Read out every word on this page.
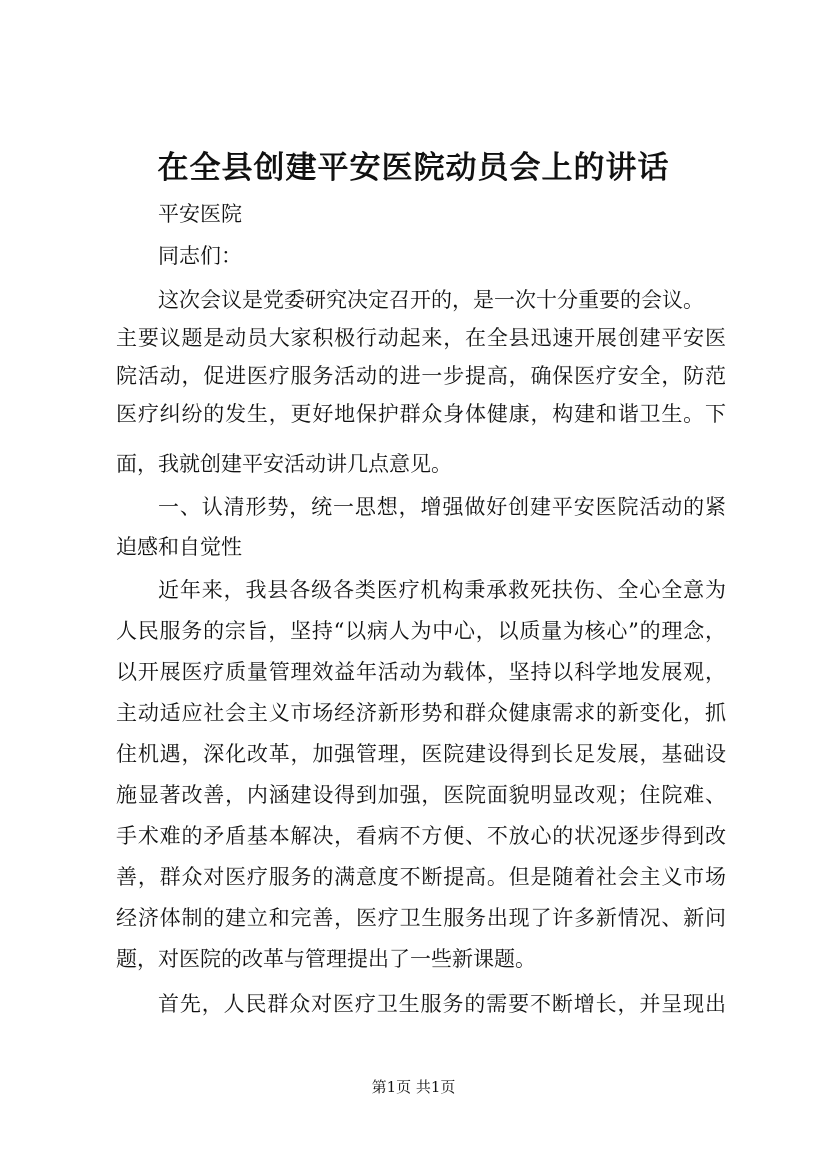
在全县创建平安医院动员会上的讲话
平安医院
同志们：
这次会议是党委研究决定召开的，是一次十分重要的会议。
主要议题是动员大家积极行动起来，在全县迅速开展创建平安医
院活动，促进医疗服务活动的进一步提高，确保医疗安全，防范
医疗纠纷的发生，更好地保护群众身体健康，构建和谐卫生。下
面，我就创建平安活动讲几点意见。
一、认清形势，统一思想，增强做好创建平安医院活动的紧
迫感和自觉性
近年来，我县各级各类医疗机构秉承救死扶伤、全心全意为
人民服务的宗旨，坚持“以病人为中心，以质量为核心”的理念，
以开展医疗质量管理效益年活动为载体，坚持以科学地发展观，
主动适应社会主义市场经济新形势和群众健康需求的新变化，抓
住机遇，深化改革，加强管理，医院建设得到长足发展，基础设
施显著改善，内涵建设得到加强，医院面貌明显改观；住院难、
手术难的矛盾基本解决，看病不方便、不放心的状况逐步得到改
善，群众对医疗服务的满意度不断提高。但是随着社会主义市场
经济体制的建立和完善，医疗卫生服务出现了许多新情况、新问
题，对医院的改革与管理提出了一些新课题。
首先，人民群众对医疗卫生服务的需要不断增长，并呈现出
第1页 共1页
